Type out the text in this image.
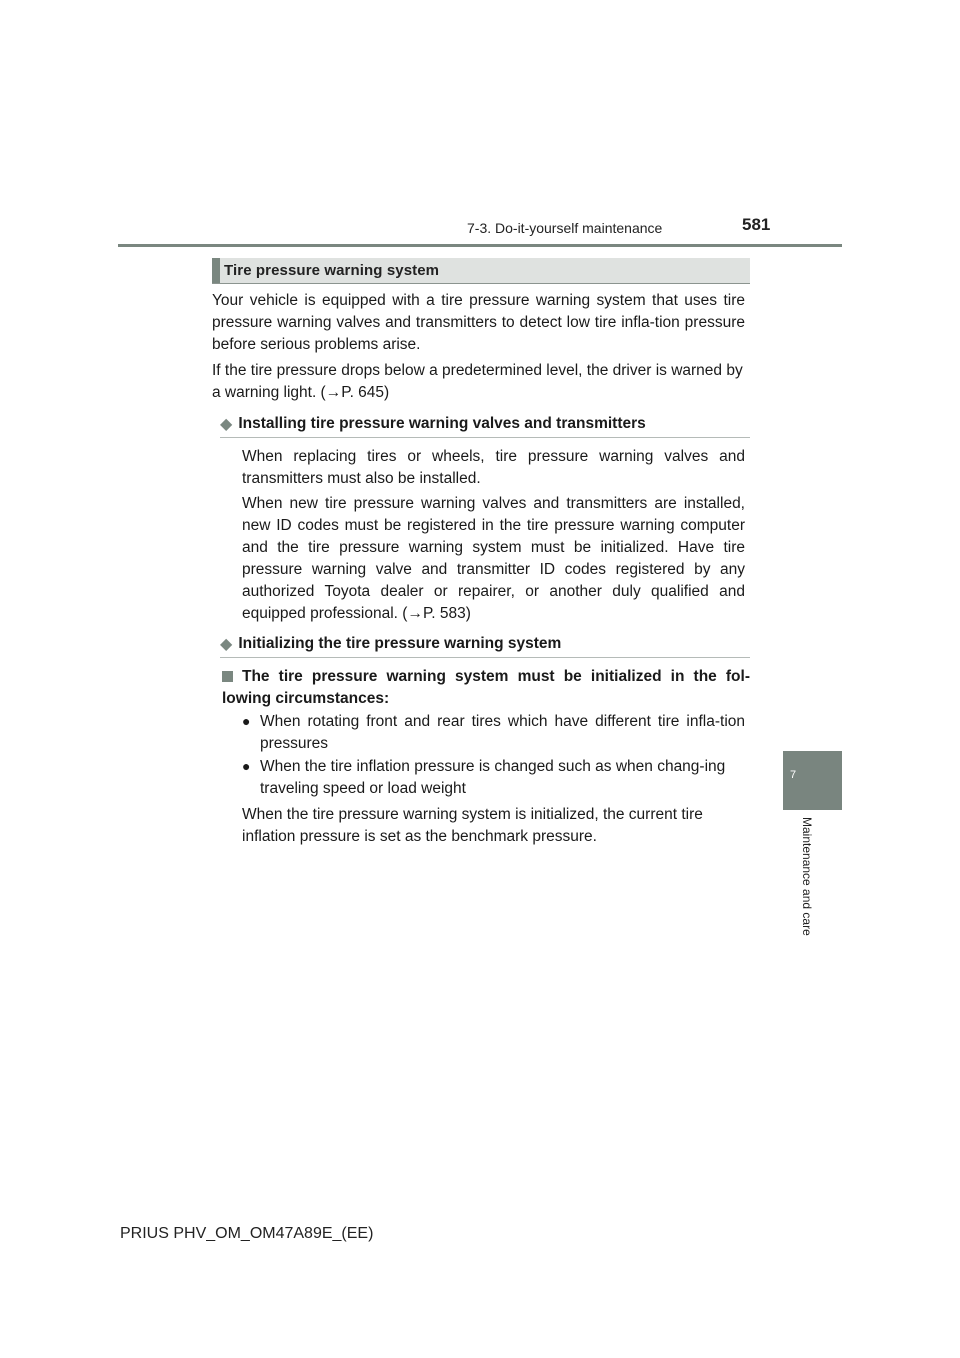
7-3. Do-it-yourself maintenance	581
7
Maintenance and care
Tire pressure warning system
Your vehicle is equipped with a tire pressure warning system that uses tire pressure warning valves and transmitters to detect low tire infla-tion pressure before serious problems arise.
If the tire pressure drops below a predetermined level, the driver is warned by a warning light. (→P. 645)
◆ Installing tire pressure warning valves and transmitters
When replacing tires or wheels, tire pressure warning valves and transmitters must also be installed.
When new tire pressure warning valves and transmitters are installed, new ID codes must be registered in the tire pressure warning computer and the tire pressure warning system must be initialized. Have tire pressure warning valve and transmitter ID codes registered by any authorized Toyota dealer or repairer, or another duly qualified and equipped professional. (→P. 583)
◆ Initializing the tire pressure warning system
The tire pressure warning system must be initialized in the fol-lowing circumstances:
● When rotating front and rear tires which have different tire infla-tion pressures
● When the tire inflation pressure is changed such as when chang-ing traveling speed or load weight
When the tire pressure warning system is initialized, the current tire inflation pressure is set as the benchmark pressure.
PRIUS PHV_OM_OM47A89E_(EE)
